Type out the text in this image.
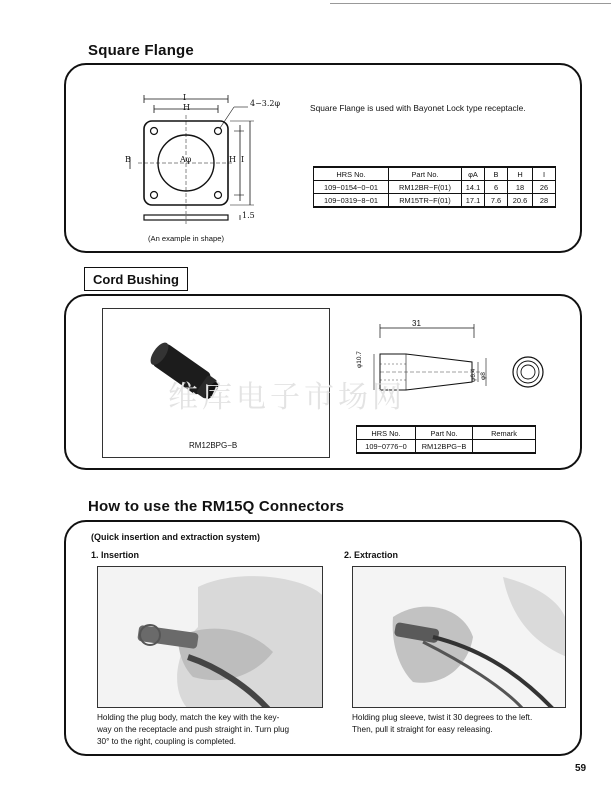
Square Flange
4−3.2φ
I
H
B	Aφ	H I
1.5
(An example in shape)
Square Flange is used with Bayonet Lock type receptacle.
HRS No.	Part No.	φA	B	H	I
109−0154−0−01	RM12BR−F(01)	14.1	6	18	26
109−0319−8−01	RM15TR−F(01)	17.1	7.6	20.6	28
Cord Bushing
RM12BPG−B
31
φ10.7
φ6.4 φ8
HRS No.	Part No.	Remark
109−0776−0	RM12BPG−B	
维库电子市场网
How to use the RM15Q Connectors
(Quick insertion and extraction system)
1. Insertion	2. Extraction
Holding the plug body, match the key with the key-
way on the receptacle and push straight in. Turn plug
30° to the right, coupling is completed.
Holding plug sleeve, twist it 30 degrees to the left.
Then, pull it straight for easy releasing.
59
